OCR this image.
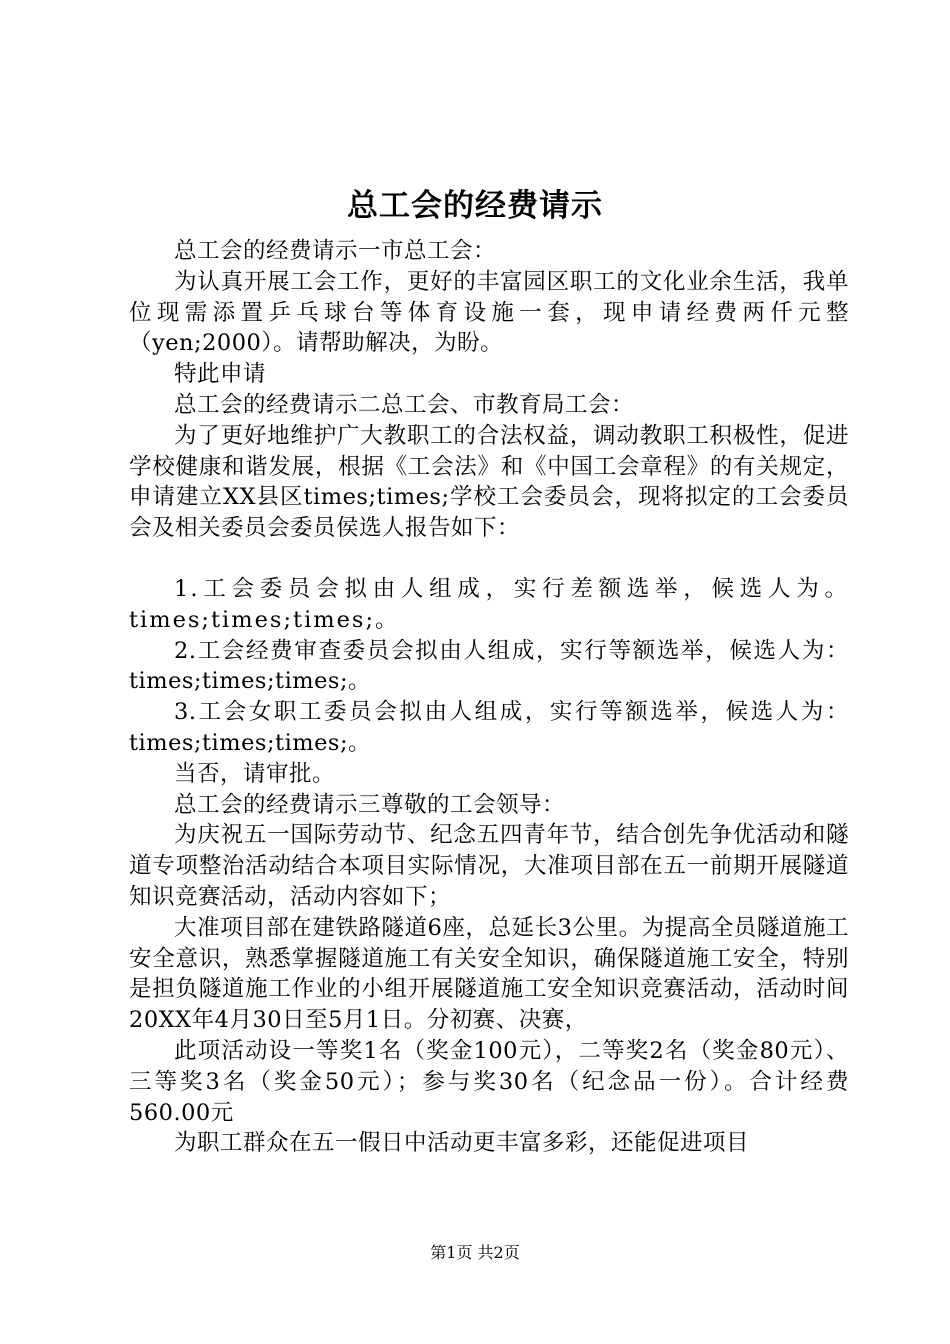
总工会的经费请示

总工会的经费请示一市总工会：

为认真开展工会工作，更好的丰富园区职工的文化业余生活，我单位现需添置乒乓球台等体育设施一套，现申请经费两仟元整（yen;2000）。请帮助解决，为盼。

特此申请

总工会的经费请示二总工会、市教育局工会：

为了更好地维护广大教职工的合法权益，调动教职工积极性，促进学校健康和谐发展，根据《工会法》和《中国工会章程》的有关规定，申请建立XX县区times;times;学校工会委员会，现将拟定的工会委员会及相关委员会委员侯选人报告如下：

1.工会委员会拟由人组成，实行差额选举，候选人为。times;times;times;。

2.工会经费审查委员会拟由人组成，实行等额选举，候选人为：times;times;times;。

3.工会女职工委员会拟由人组成，实行等额选举，候选人为：times;times;times;。

当否，请审批。

总工会的经费请示三尊敬的工会领导：

为庆祝五一国际劳动节、纪念五四青年节，结合创先争优活动和隧道专项整治活动结合本项目实际情况，大准项目部在五一前期开展隧道知识竞赛活动，活动内容如下；

大准项目部在建铁路隧道6座，总延长3公里。为提高全员隧道施工安全意识，熟悉掌握隧道施工有关安全知识，确保隧道施工安全，特别是担负隧道施工作业的小组开展隧道施工安全知识竞赛活动，活动时间20XX年4月30日至5月1日。分初赛、决赛，

此项活动设一等奖1名（奖金100元），二等奖2名（奖金80元）、三等奖3名（奖金50元）；参与奖30名（纪念品一份）。合计经费560.00元

为职工群众在五一假日中活动更丰富多彩，还能促进项目

第1页 共2页
